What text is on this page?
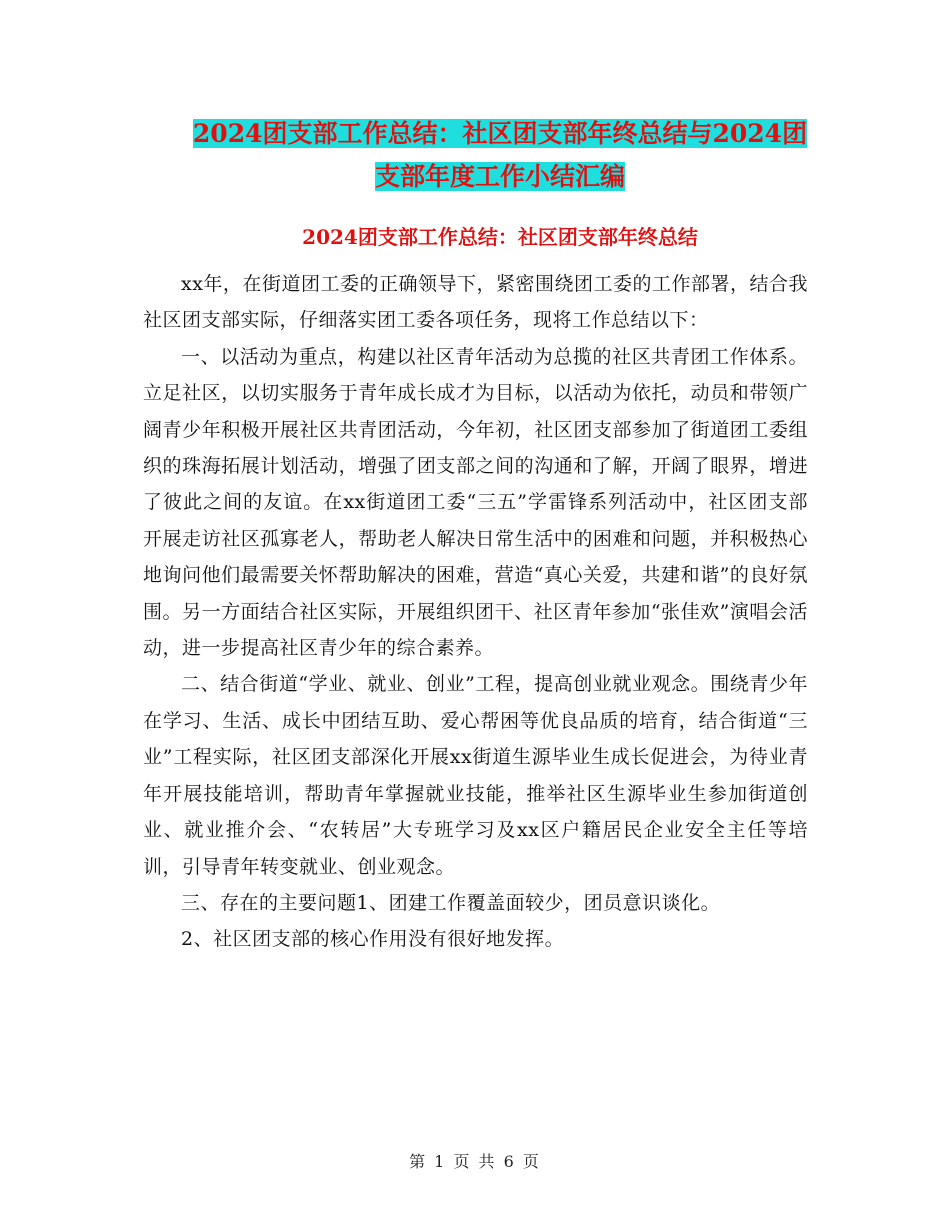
2024团支部工作总结：社区团支部年终总结与2024团
支部年度工作小结汇编
2024团支部工作总结：社区团支部年终总结

xx年，在街道团工委的正确领导下，紧密围绕团工委的工作部署，结合我社区团支部实际，仔细落实团工委各项任务，现将工作总结以下：

一、以活动为重点，构建以社区青年活动为总揽的社区共青团工作体系。立足社区，以切实服务于青年成长成才为目标，以活动为依托，动员和带领广阔青少年积极开展社区共青团活动，今年初，社区团支部参加了街道团工委组织的珠海拓展计划活动，增强了团支部之间的沟通和了解，开阔了眼界，增进了彼此之间的友谊。在xx街道团工委“三五”学雷锋系列活动中，社区团支部开展走访社区孤寡老人，帮助老人解决日常生活中的困难和问题，并积极热心地询问他们最需要关怀帮助解决的困难，营造“真心关爱，共建和谐”的良好氛围。另一方面结合社区实际，开展组织团干、社区青年参加“张佳欢”演唱会活动，进一步提高社区青少年的综合素养。

二、结合街道“学业、就业、创业”工程，提高创业就业观念。围绕青少年在学习、生活、成长中团结互助、爱心帮困等优良品质的培育，结合街道“三业”工程实际，社区团支部深化开展xx街道生源毕业生成长促进会，为待业青年开展技能培训，帮助青年掌握就业技能，推举社区生源毕业生参加街道创业、就业推介会、“农转居”大专班学习及xx区户籍居民企业安全主任等培训，引导青年转变就业、创业观念。

三、存在的主要问题1、团建工作覆盖面较少，团员意识谈化。

2、社区团支部的核心作用没有很好地发挥。

第 1 页 共 6 页
